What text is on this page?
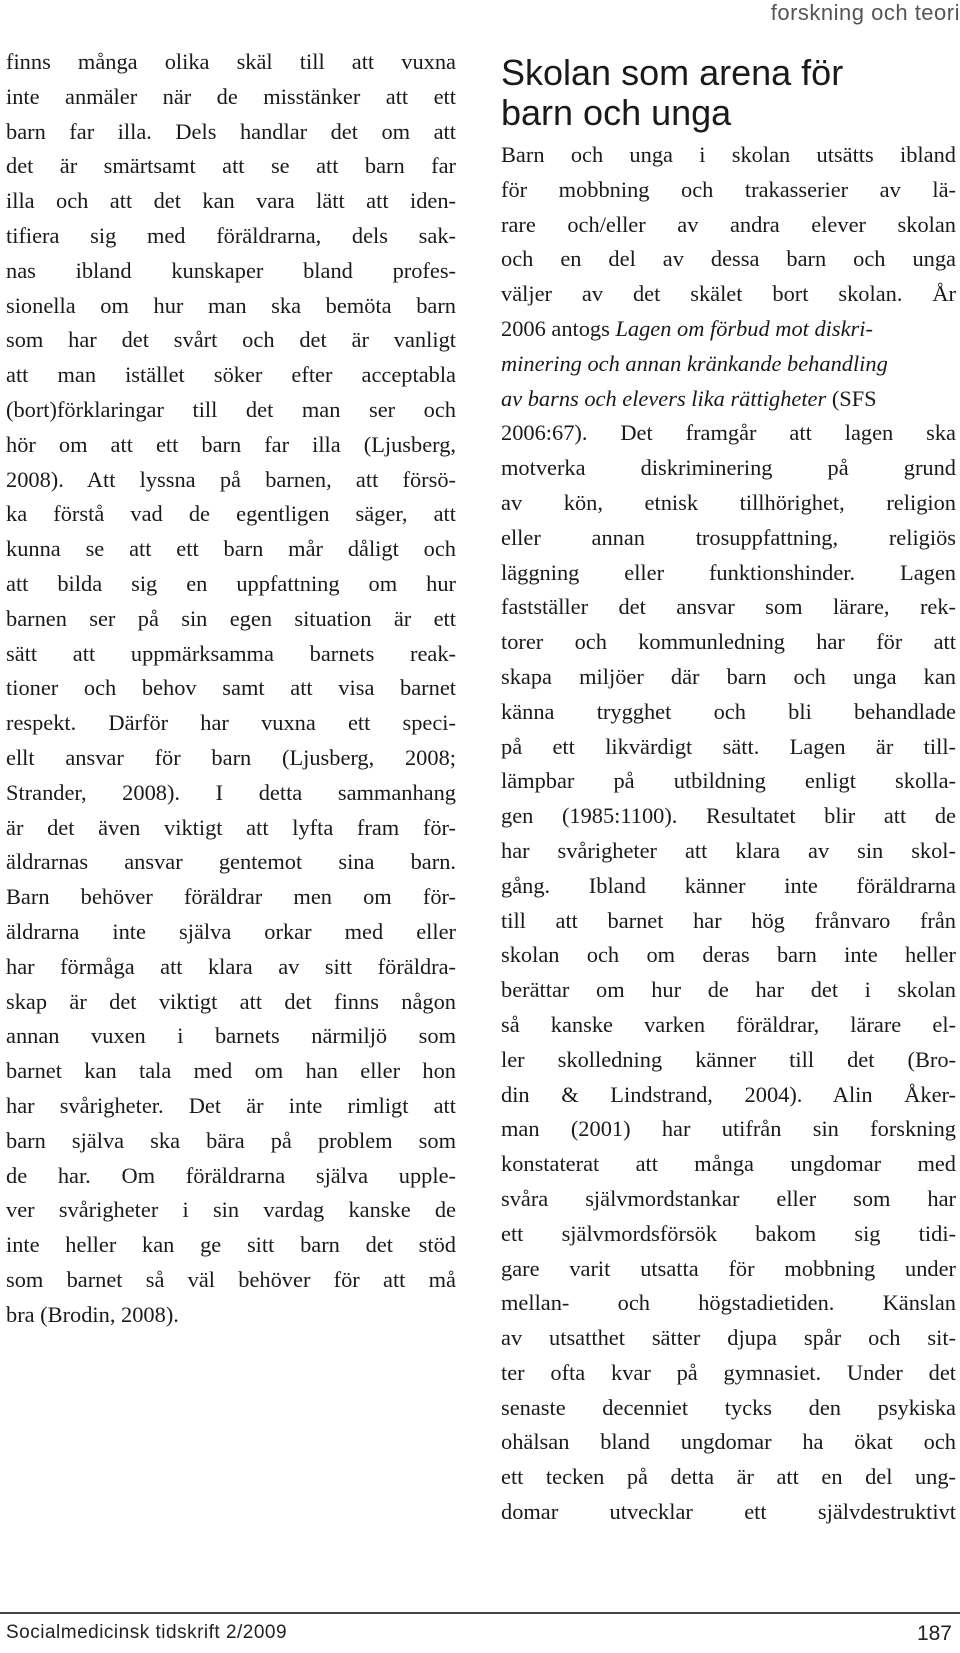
forskning och teori
finns många olika skäl till att vuxna
inte anmäler när de misstänker att ett
barn far illa. Dels handlar det om att
det är smärtsamt att se att barn far
illa och att det kan vara lätt att iden-
tifiera sig med föräldrarna, dels sak-
nas ibland kunskaper bland profes-
sionella om hur man ska bemöta barn
som har det svårt och det är vanligt
att man istället söker efter acceptabla
(bort)förklaringar till det man ser och
hör om att ett barn far illa (Ljusberg,
2008). Att lyssna på barnen, att försö-
ka förstå vad de egentligen säger, att
kunna se att ett barn mår dåligt och
att bilda sig en uppfattning om hur
barnen ser på sin egen situation är ett
sätt att uppmärksamma barnets reak-
tioner och behov samt att visa barnet
respekt. Därför har vuxna ett speci-
ellt ansvar för barn (Ljusberg, 2008;
Strander, 2008). I detta sammanhang
är det även viktigt att lyfta fram för-
äldrarnas ansvar gentemot sina barn.
Barn behöver föräldrar men om för-
äldrarna inte själva orkar med eller
har förmåga att klara av sitt föräldra-
skap är det viktigt att det finns någon
annan vuxen i barnets närmiljö som
barnet kan tala med om han eller hon
har svårigheter. Det är inte rimligt att
barn själva ska bära på problem som
de har. Om föräldrarna själva upple-
ver svårigheter i sin vardag kanske de
inte heller kan ge sitt barn det stöd
som barnet så väl behöver för att må
bra (Brodin, 2008).
Skolan som arena för
barn och unga
Barn och unga i skolan utsätts ibland
för mobbning och trakasserier av lä-
rare och/eller av andra elever skolan
och en del av dessa barn och unga
väljer av det skälet bort skolan. År
2006 antogs Lagen om förbud mot diskri-
minering och annan kränkande behandling
av barns och elevers lika rättigheter (SFS
2006:67). Det framgår att lagen ska
motverka diskriminering på grund
av kön, etnisk tillhörighet, religion
eller annan trosuppfattning, religiös
läggning eller funktionshinder. Lagen
fastställer det ansvar som lärare, rek-
torer och kommunledning har för att
skapa miljöer där barn och unga kan
känna trygghet och bli behandlade
på ett likvärdigt sätt. Lagen är till-
lämpbar på utbildning enligt skolla-
gen (1985:1100). Resultatet blir att de
har svårigheter att klara av sin skol-
gång. Ibland känner inte föräldrarna
till att barnet har hög frånvaro från
skolan och om deras barn inte heller
berättar om hur de har det i skolan
så kanske varken föräldrar, lärare el-
ler skolledning känner till det (Bro-
din & Lindstrand, 2004). Alin Åker-
man (2001) har utifrån sin forskning
konstaterat att många ungdomar med
svåra självmordstankar eller som har
ett självmordsförsök bakom sig tidi-
gare varit utsatta för mobbning under
mellan- och högstadietiden. Känslan
av utsatthet sätter djupa spår och sit-
ter ofta kvar på gymnasiet. Under det
senaste decenniet tycks den psykiska
ohälsan bland ungdomar ha ökat och
ett tecken på detta är att en del ung-
domar utvecklar ett självdestruktivt
Socialmedicinsk tidskrift 2/2009	187
